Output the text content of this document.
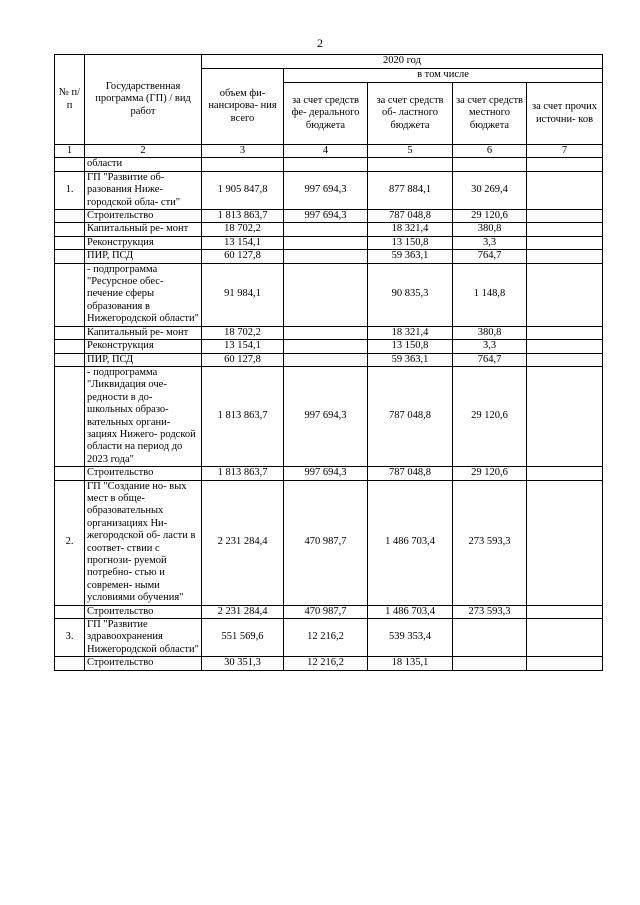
2
№ п/п	Государственная программа (ГП) / вид работ	2020 год				
		объем фи- нансирова- ния всего	в том числе			
			за счет средств фе- дерального бюджета	за счет средств об- ластного бюджета	за счет средств местного бюджета	за счет прочих источни- ков
1	2	3	4	5	6	7
	области					
1.	ГП "Развитие об- разования Ниже- городской обла- сти"	1 905 847,8	997 694,3	877 884,1	30 269,4	
	Строительство	1 813 863,7	997 694,3	787 048,8	29 120,6	
	Капитальный ре- монт	18 702,2		18 321,4	380,8	
	Реконструкция	13 154,1		13 150,8	3,3	
	ПИР, ПСД	60 127,8		59 363,1	764,7	
	- подпрограмма "Ресурсное обес- печение сферы образования в Нижегородской области"	91 984,1		90 835,3	1 148,8	
	Капитальный ре- монт	18 702,2		18 321,4	380,8	
	Реконструкция	13 154,1		13 150,8	3,3	
	ПИР, ПСД	60 127,8		59 363,1	764,7	
	- подпрограмма "Ликвидация оче- редности в до- школьных образо- вательных органи- зациях Нижего- родской области на период до 2023 года"	1 813 863,7	997 694,3	787 048,8	29 120,6	
	Строительство	1 813 863,7	997 694,3	787 048,8	29 120,6	
2.	ГП "Создание но- вых мест в обще- образовательных организациях Ни- жегородской об- ласти в соответ- ствии с прогнози- руемой потребно- стью и современ- ными условиями обучения"	2 231 284,4	470 987,7	1 486 703,4	273 593,3	
	Строительство	2 231 284,4	470 987,7	1 486 703,4	273 593,3	
3.	ГП "Развитие здравоохранения Нижегородской области"	551 569,6	12 216,2	539 353,4		
	Строительство	30 351,3	12 216,2	18 135,1		
